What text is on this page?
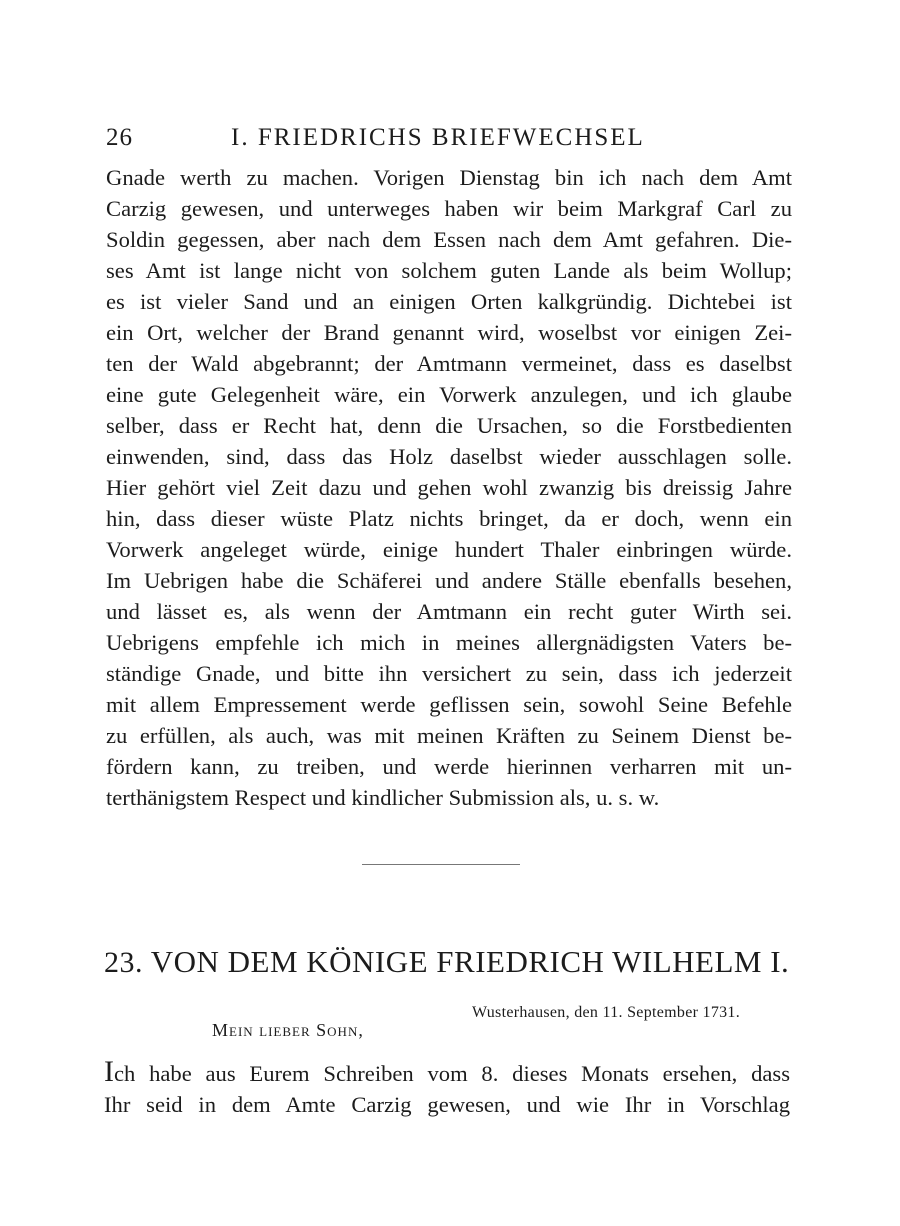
26	I. FRIEDRICHS BRIEFWECHSEL
Gnade werth zu machen. Vorigen Dienstag bin ich nach dem Amt
Carzig gewesen, und unterweges haben wir beim Markgraf Carl zu
Soldin gegessen, aber nach dem Essen nach dem Amt gefahren. Die-
ses Amt ist lange nicht von solchem guten Lande als beim Wollup;
es ist vieler Sand und an einigen Orten kalkgründig. Dichtebei ist
ein Ort, welcher der Brand genannt wird, woselbst vor einigen Zei-
ten der Wald abgebrannt; der Amtmann vermeinet, dass es daselbst
eine gute Gelegenheit wäre, ein Vorwerk anzulegen, und ich glaube
selber, dass er Recht hat, denn die Ursachen, so die Forstbedienten
einwenden, sind, dass das Holz daselbst wieder ausschlagen solle.
Hier gehört viel Zeit dazu und gehen wohl zwanzig bis dreissig Jahre
hin, dass dieser wüste Platz nichts bringet, da er doch, wenn ein
Vorwerk angeleget würde, einige hundert Thaler einbringen würde.
Im Uebrigen habe die Schäferei und andere Ställe ebenfalls besehen,
und lässet es, als wenn der Amtmann ein recht guter Wirth sei.
Uebrigens empfehle ich mich in meines allergnädigsten Vaters be-
ständige Gnade, und bitte ihn versichert zu sein, dass ich jederzeit
mit allem Empressement werde geflissen sein, sowohl Seine Befehle
zu erfüllen, als auch, was mit meinen Kräften zu Seinem Dienst be-
fördern kann, zu treiben, und werde hierinnen verharren mit un-
terthänigstem Respect und kindlicher Submission als, u. s. w.
23. VON DEM KÖNIGE FRIEDRICH WILHELM I.
Wusterhausen, den 11. September 1731.
Mein lieber Sohn,
Ich habe aus Eurem Schreiben vom 8. dieses Monats ersehen, dass
Ihr seid in dem Amte Carzig gewesen, und wie Ihr in Vorschlag
